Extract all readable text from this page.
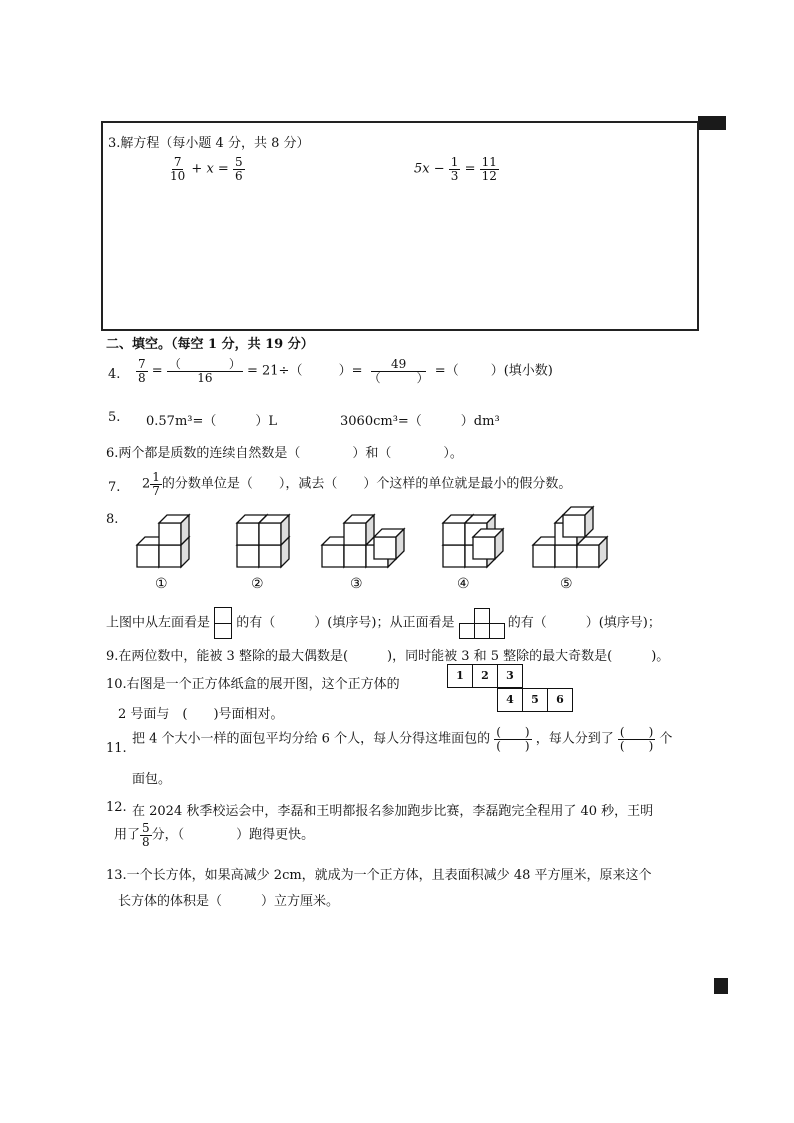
3.解方程（每小题 4 分，共 8 分）
$\frac{7}{10} + x = \frac{5}{6}$	$5x - \frac{1}{3} = \frac{11}{12}$
二、填空。（每空 1 分，共 19 分）
4. $\frac{7}{8} = \frac{( )}{16} = 21\div$（	）= $\frac{49}{( )}$ =（ ）(填小数)
5. 0.57m³=（　　　）L	3060cm³=（　　　）dm³
6.两个都是质数的连续自然数是（　　　　）和（　　　　）。
7. $2 \frac{1}{7}$ 的分数单位是（　　），减去（　　）个这样的单位就是最小的假分数。
8.
①	②	③	④	⑤
上图中从左面看是 的有（　　　）(填序号)；从正面看是	的有（　　　）(填序号)；
9.在两位数中，能被 3 整除的最大偶数是(　　　)，同时能被 3 和 5 整除的最大奇数是(　　　)。
10.右图是一个正方体纸盒的展开图，这个正方体的
2 号面与　(　　)号面相对。
1	2	3
4	5	6
11.
把 4 个大小一样的面包平均分给 6 个人，每人分得这堆面包的 $\frac{( )}{( )}$ ，每人分到了 $\frac{( )}{( )}$ 个
面包。
12. 在 2024 秋季校运会中，李磊和王明都报名参加跑步比赛，李磊跑完全程用了 40 秒，王明
用了 $\frac{5}{8}$ 分，（　　　　）跑得更快。
13.一个长方体，如果高减少 2cm，就成为一个正方体，且表面积减少 48 平方厘米，原来这个
长方体的体积是（　　　）立方厘米。
